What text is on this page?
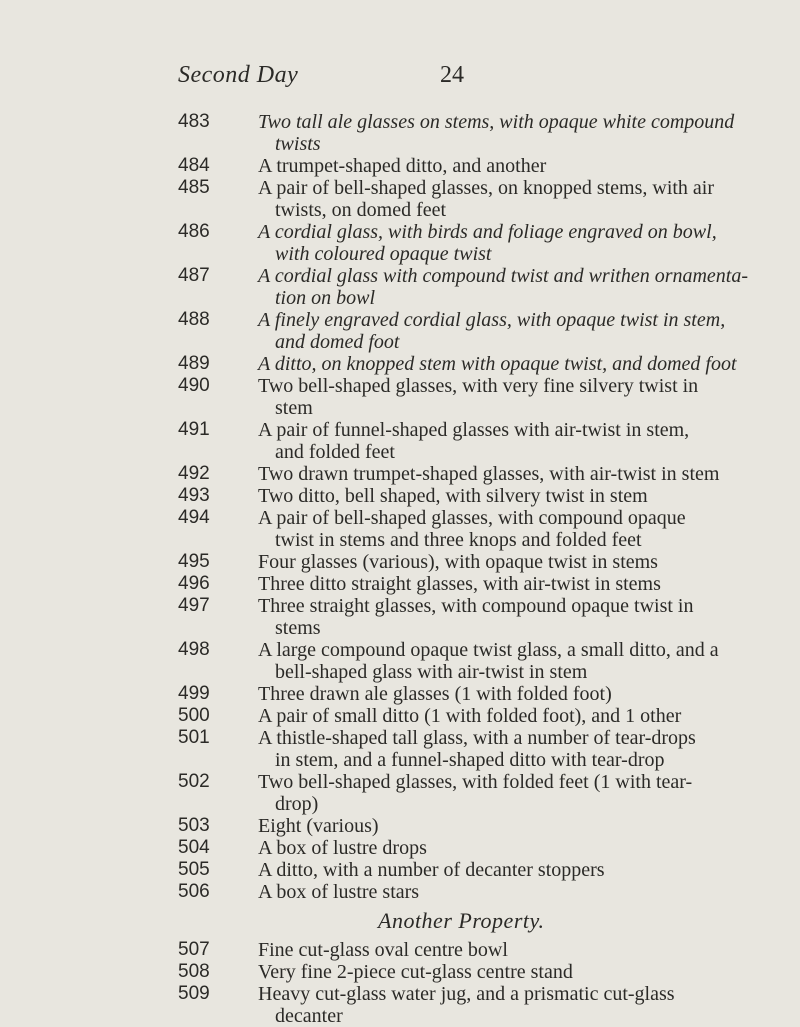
Second Day	24
483	Two tall ale glasses on stems, with opaque white compound
twists
484	A trumpet-shaped ditto, and another
485	A pair of bell-shaped glasses, on knopped stems, with air
twists, on domed feet
486	A cordial glass, with birds and foliage engraved on bowl,
with coloured opaque twist
487	A cordial glass with compound twist and writhen ornamenta-
tion on bowl
488	A finely engraved cordial glass, with opaque twist in stem,
and domed foot
489	A ditto, on knopped stem with opaque twist, and domed foot
490	Two bell-shaped glasses, with very fine silvery twist in
stem
491	A pair of funnel-shaped glasses with air-twist in stem,
and folded feet
492	Two drawn trumpet-shaped glasses, with air-twist in stem
493	Two ditto, bell shaped, with silvery twist in stem
494	A pair of bell-shaped glasses, with compound opaque
twist in stems and three knops and folded feet
495	Four glasses (various), with opaque twist in stems
496	Three ditto straight glasses, with air-twist in stems
497	Three straight glasses, with compound opaque twist in
stems
498	A large compound opaque twist glass, a small ditto, and a
bell-shaped glass with air-twist in stem
499	Three drawn ale glasses (1 with folded foot)
500	A pair of small ditto (1 with folded foot), and 1 other
501	A thistle-shaped tall glass, with a number of tear-drops
in stem, and a funnel-shaped ditto with tear-drop
502	Two bell-shaped glasses, with folded feet (1 with tear-
drop)
503	Eight (various)
504	A box of lustre drops
505	A ditto, with a number of decanter stoppers
506	A box of lustre stars
Another Property.
507	Fine cut-glass oval centre bowl
508	Very fine 2-piece cut-glass centre stand
509	Heavy cut-glass water jug, and a prismatic cut-glass
decanter
